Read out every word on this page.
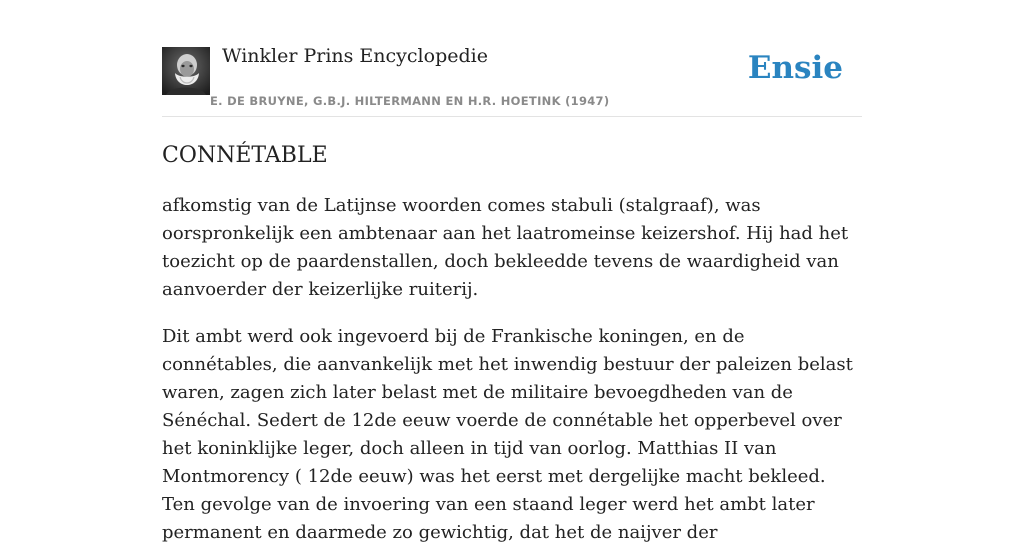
Winkler Prins Encyclopedie
E. DE BRUYNE, G.B.J. HILTERMANN EN H.R. HOETINK (1947)
Ensie
CONNÉTABLE

afkomstig van de Latijnse woorden comes stabuli (stalgraaf), was oorspronkelijk een ambtenaar aan het laatromeinse keizershof. Hij had het toezicht op de paardenstallen, doch bekleedde tevens de waardigheid van aanvoerder der keizerlijke ruiterij.

Dit ambt werd ook ingevoerd bij de Frankische koningen, en de connétables, die aanvankelijk met het inwendig bestuur der paleizen belast waren, zagen zich later belast met de militaire bevoegdheden van de Sénéchal. Sedert de 12de eeuw voerde de connétable het opperbevel over het koninklijke leger, doch alleen in tijd van oorlog. Matthias II van Montmorency ( 12de eeuw) was het eerst met dergelijke macht bekleed. Ten gevolge van de invoering van een staand leger werd het ambt later permanent en daarmede zo gewichtig, dat het de naijver der
